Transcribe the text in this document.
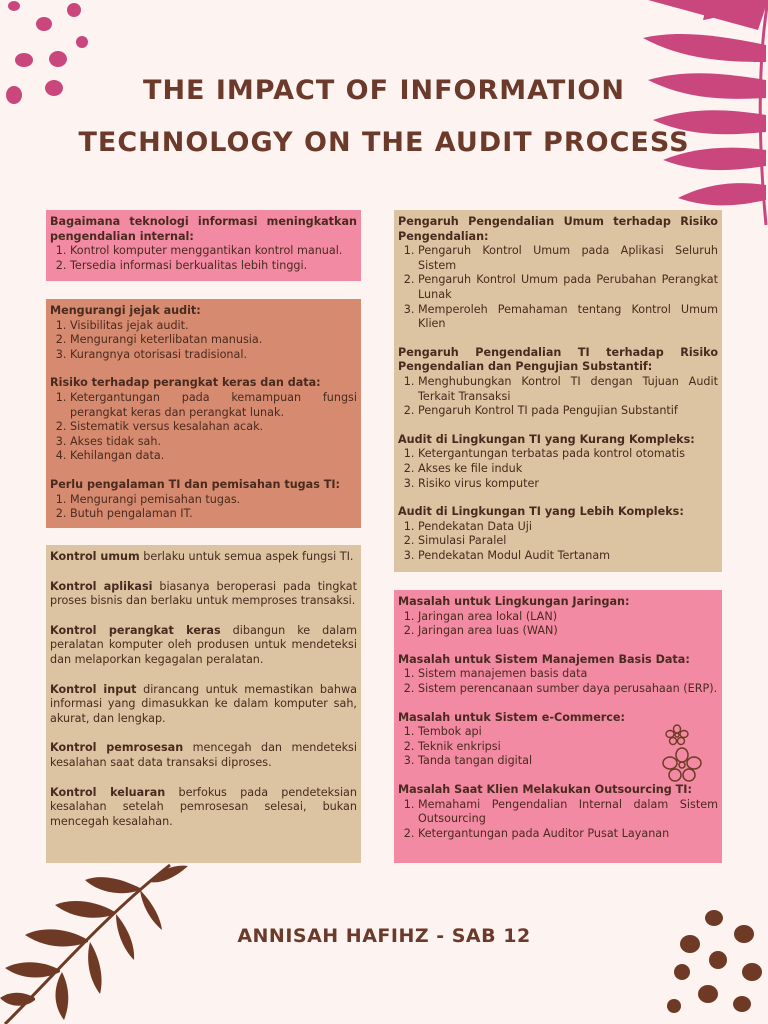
THE IMPACT OF INFORMATION
TECHNOLOGY ON THE AUDIT PROCESS
Bagaimana teknologi informasi meningkatkan pengendalian internal:
1. Kontrol komputer menggantikan kontrol manual.
2. Tersedia informasi berkualitas lebih tinggi.
Mengurangi jejak audit:
1. Visibilitas jejak audit.
2. Mengurangi keterlibatan manusia.
3. Kurangnya otorisasi tradisional.
Risiko terhadap perangkat keras dan data:
1. Ketergantungan pada kemampuan fungsi perangkat keras dan perangkat lunak.
2. Sistematik versus kesalahan acak.
3. Akses tidak sah.
4. Kehilangan data.
Perlu pengalaman TI dan pemisahan tugas TI:
1. Mengurangi pemisahan tugas.
2. Butuh pengalaman IT.

Kontrol umum berlaku untuk semua aspek fungsi TI.

Kontrol aplikasi biasanya beroperasi pada tingkat proses bisnis dan berlaku untuk memproses transaksi.

Kontrol perangkat keras dibangun ke dalam peralatan komputer oleh produsen untuk mendeteksi dan melaporkan kegagalan peralatan.

Kontrol input dirancang untuk memastikan bahwa informasi yang dimasukkan ke dalam komputer sah, akurat, dan lengkap.

Kontrol pemrosesan mencegah dan mendeteksi kesalahan saat data transaksi diproses.

Kontrol keluaran berfokus pada pendeteksian kesalahan setelah pemrosesan selesai, bukan mencegah kesalahan.

Pengaruh Pengendalian Umum terhadap Risiko Pengendalian:
1. Pengaruh Kontrol Umum pada Aplikasi Seluruh Sistem
2. Pengaruh Kontrol Umum pada Perubahan Perangkat Lunak
3. Memperoleh Pemahaman tentang Kontrol Umum Klien
Pengaruh Pengendalian TI terhadap Risiko Pengendalian dan Pengujian Substantif:
1. Menghubungkan Kontrol TI dengan Tujuan Audit Terkait Transaksi
2. Pengaruh Kontrol TI pada Pengujian Substantif
Audit di Lingkungan TI yang Kurang Kompleks:
1. Ketergantungan terbatas pada kontrol otomatis
2. Akses ke file induk
3. Risiko virus komputer
Audit di Lingkungan TI yang Lebih Kompleks:
1. Pendekatan Data Uji
2. Simulasi Paralel
3. Pendekatan Modul Audit Tertanam
Masalah untuk Lingkungan Jaringan:
1. Jaringan area lokal (LAN)
2. Jaringan area luas (WAN)
Masalah untuk Sistem Manajemen Basis Data:
1. Sistem manajemen basis data
2. Sistem perencanaan sumber daya perusahaan (ERP).
Masalah untuk Sistem e-Commerce:
1. Tembok api
2. Teknik enkripsi
3. Tanda tangan digital
Masalah Saat Klien Melakukan Outsourcing TI:
1. Memahami Pengendalian Internal dalam Sistem Outsourcing
2. Ketergantungan pada Auditor Pusat Layanan
ANNISAH HAFIHZ - SAB 12
